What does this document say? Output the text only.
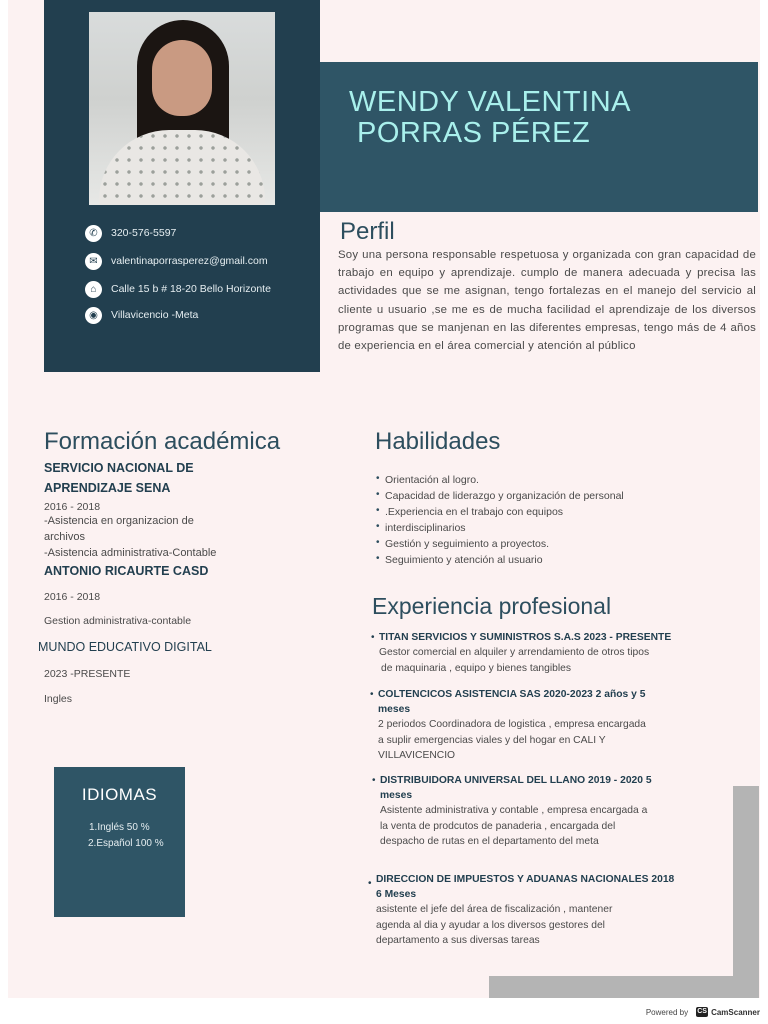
WENDY VALENTINA
PORRAS PÉREZ
✆	320-576-5597
✉	valentinaporrasperez@gmail.com
⌂	Calle 15 b # 18-20 Bello Horizonte
◉	Villavicencio -Meta
Perfil
Soy una persona responsable respetuosa y organizada con gran capacidad de trabajo en equipo y aprendizaje. cumplo de manera adecuada y precisa las actividades que se me asignan, tengo fortalezas en el manejo del servicio al cliente u usuario ,se me es de mucha facilidad el aprendizaje de los diversos programas que se manjenan en las diferentes empresas, tengo más de 4 años de experiencia en el área comercial y atención al público
Formación académica
SERVICIO NACIONAL DE
APRENDIZAJE SENA
2016 - 2018
-Asistencia en organizacion de
archivos
-Asistencia administrativa-Contable
ANTONIO RICAURTE CASD
2016 - 2018
Gestion administrativa-contable
MUNDO EDUCATIVO DIGITAL
2023 -PRESENTE
Ingles
IDIOMAS
1.Inglés 50 %
2.Español 100 %
Habilidades
• Orientación al logro.
• Capacidad de liderazgo y organización de personal
• .Experiencia en el trabajo con equipos
• interdisciplinarios
• Gestión y seguimiento a proyectos.
• Seguimiento y atención al usuario
Experiencia profesional
• TITAN SERVICIOS Y SUMINISTROS S.A.S 2023 - PRESENTE
Gestor comercial en alquiler y arrendamiento de otros tipos
de maquinaria , equipo y bienes tangibles
• COLTENCICOS ASISTENCIA SAS 2020-2023 2 años y 5
meses
2 periodos Coordinadora de logistica , empresa encargada
a suplir emergencias viales y del hogar en CALI Y
VILLAVICENCIO
• DISTRIBUIDORA UNIVERSAL DEL LLANO 2019 - 2020 5
meses
Asistente administrativa y contable , empresa encargada a
la venta de prodcutos de panaderia , encargada del
despacho de rutas en el departamento del meta
• DIRECCION DE IMPUESTOS Y ADUANAS NACIONALES 2018
6 Meses
asistente el jefe del área de fiscalización , mantener
agenda al dia y ayudar a los diversos gestores del
departamento a sus diversas tareas
Powered by CS CamScanner
